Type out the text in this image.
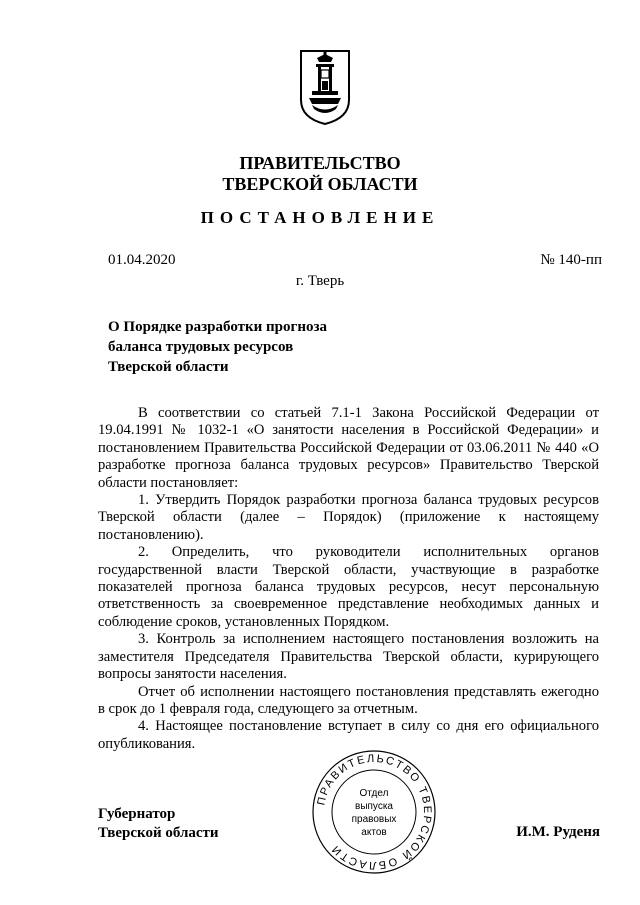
ПРАВИТЕЛЬСТВО
ТВЕРСКОЙ ОБЛАСТИ
ПОСТАНОВЛЕНИЕ
01.04.2020	№ 140-пп
г. Тверь
О Порядке разработки прогноза
баланса трудовых ресурсов
Тверской области

В соответствии со статьей 7.1-1 Закона Российской Федерации от 19.04.1991 № 1032-1 «О занятости населения в Российской Федерации» и постановлением Правительства Российской Федерации от 03.06.2011 № 440 «О разработке прогноза баланса трудовых ресурсов» Правительство Тверской области постановляет:

1. Утвердить Порядок разработки прогноза баланса трудовых ресурсов Тверской области (далее – Порядок) (приложение к настоящему постановлению).

2. Определить, что руководители исполнительных органов государственной власти Тверской области, участвующие в разработке показателей прогноза баланса трудовых ресурсов, несут персональную ответственность за своевременное представление необходимых данных и соблюдение сроков, установленных Порядком.

3. Контроль за исполнением настоящего постановления возложить на заместителя Председателя Правительства Тверской области, курирующего вопросы занятости населения.

Отчет об исполнении настоящего постановления представлять ежегодно в срок до 1 февраля года, следующего за отчетным.

4. Настоящее постановление вступает в силу со дня его официального опубликования.

Губернатор
Тверской области	И.М. Руденя
ПРАВИТЕЛЬСТВО ТВЕРСКОЙ ОБЛАСТИ
Отдел
выпуска
правовых
актов
